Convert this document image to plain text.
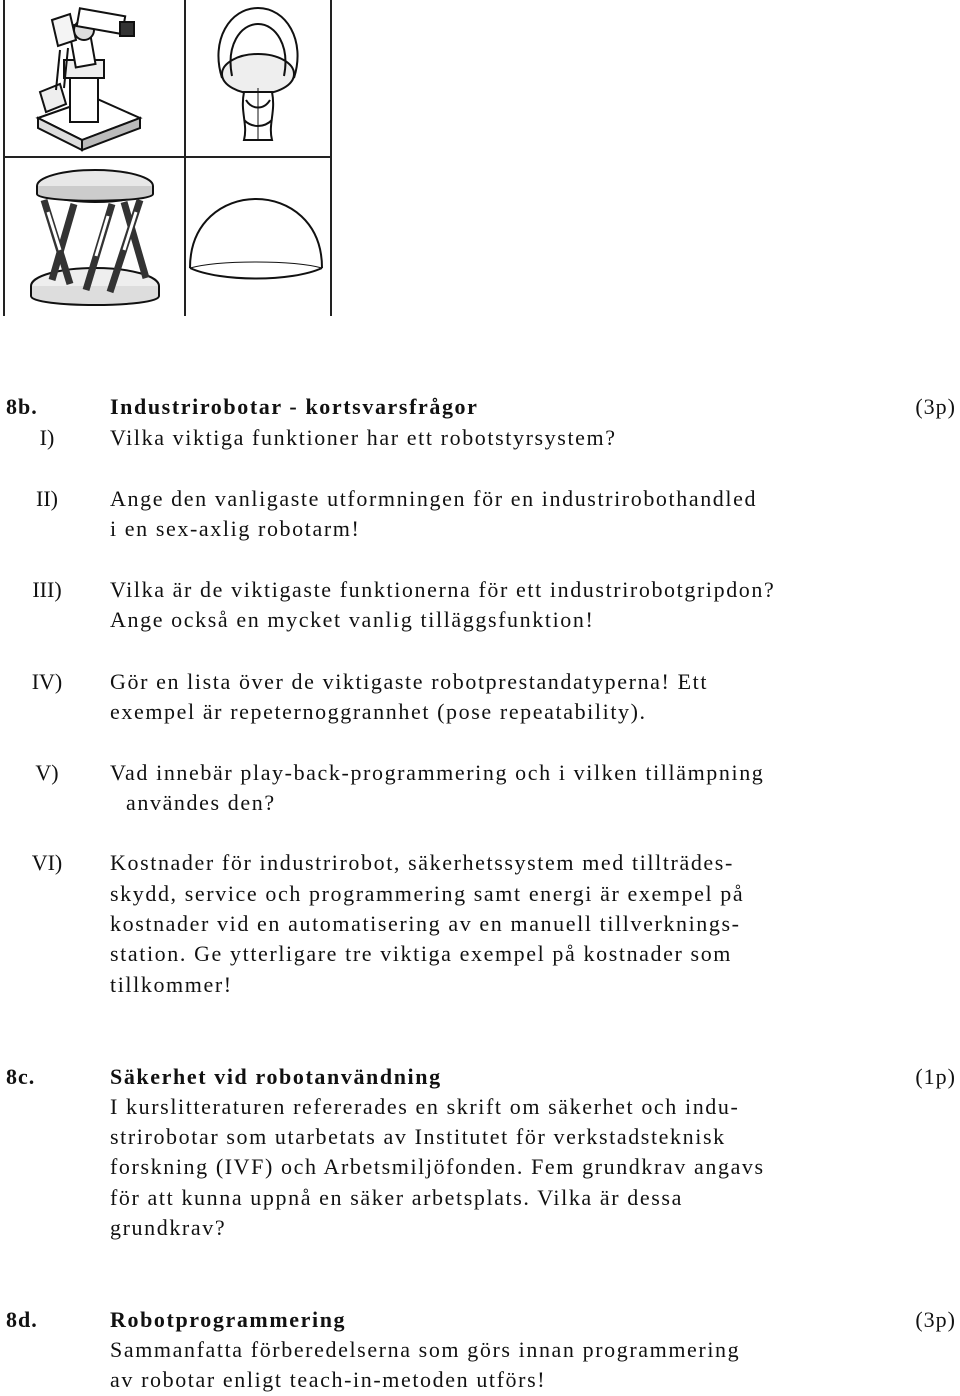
8b.	Industrirobotar - kortsvarsfrågor	(3p)
I)	Vilka viktiga funktioner har ett robotstyrsystem?
II)	Ange den vanligaste utformningen för en industrirobothandled
i en sex-axlig robotarm!
III)	Vilka är de viktigaste funktionerna för ett industrirobotgripdon?
Ange också en mycket vanlig tilläggsfunktion!
IV)	Gör en lista över de viktigaste robotprestandatyperna! Ett
exempel är repeternoggrannhet (pose repeatability).
V)	Vad innebär play-back-programmering och i vilken tillämpning
användes den?
VI)	Kostnader för industrirobot, säkerhetssystem med tillträdes-
skydd, service och programmering samt energi är exempel på
kostnader vid en automatisering av en manuell tillverknings-
station. Ge ytterligare tre viktiga exempel på kostnader som
tillkommer!
8c.	Säkerhet vid robotanvändning	(1p)
I kurslitteraturen refererades en skrift om säkerhet och indu-
strirobotar som utarbetats av Institutet för verkstadsteknisk
forskning (IVF) och Arbetsmiljöfonden. Fem grundkrav angavs
för att kunna uppnå en säker arbetsplats. Vilka är dessa
grundkrav?
8d.	Robotprogrammering	(3p)
Sammanfatta förberedelserna som görs innan programmering
av robotar enligt teach-in-metoden utförs!
